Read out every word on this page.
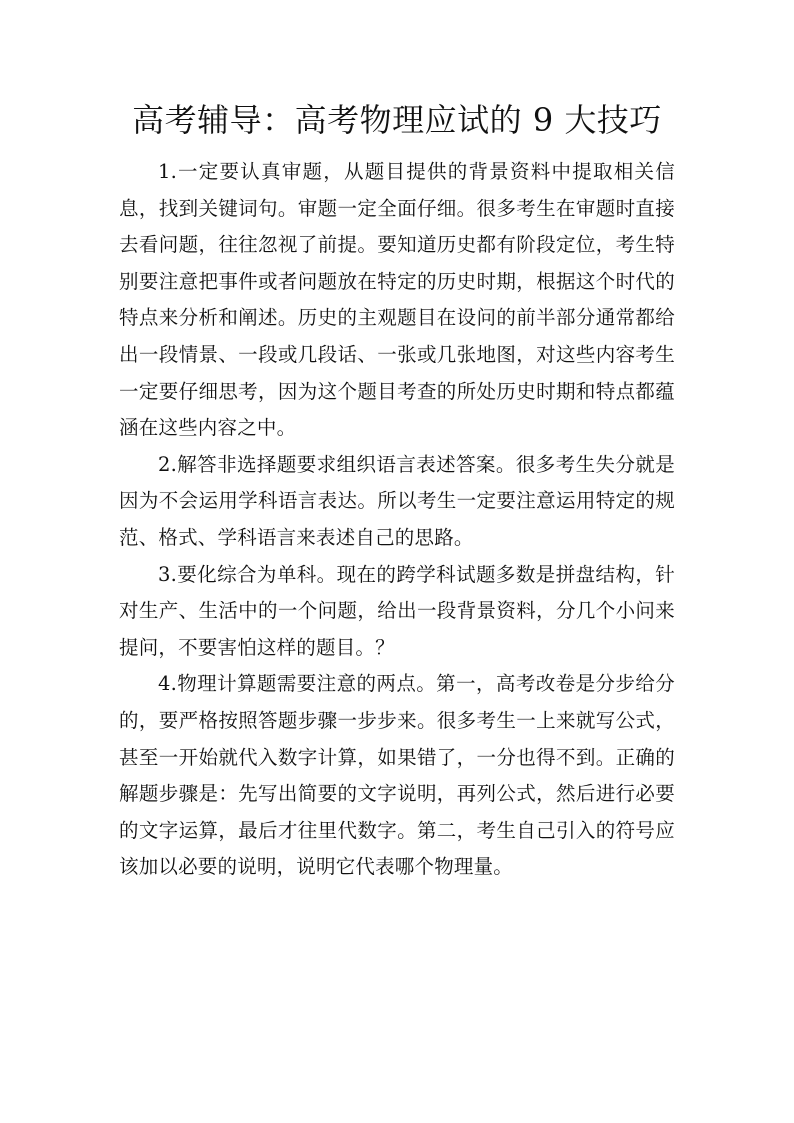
高考辅导：高考物理应试的 9 大技巧

1.一定要认真审题，从题目提供的背景资料中提取相关信息，找到关键词句。审题一定全面仔细。很多考生在审题时直接去看问题，往往忽视了前提。要知道历史都有阶段定位，考生特别要注意把事件或者问题放在特定的历史时期，根据这个时代的特点来分析和阐述。历史的主观题目在设问的前半部分通常都给出一段情景、一段或几段话、一张或几张地图，对这些内容考生一定要仔细思考，因为这个题目考查的所处历史时期和特点都蕴涵在这些内容之中。

2.解答非选择题要求组织语言表述答案。很多考生失分就是因为不会运用学科语言表达。所以考生一定要注意运用特定的规范、格式、学科语言来表述自己的思路。

3.要化综合为单科。现在的跨学科试题多数是拼盘结构，针对生产、生活中的一个问题，给出一段背景资料，分几个小问来提问，不要害怕这样的题目。？

4.物理计算题需要注意的两点。第一，高考改卷是分步给分的，要严格按照答题步骤一步步来。很多考生一上来就写公式，甚至一开始就代入数字计算，如果错了，一分也得不到。正确的解题步骤是：先写出简要的文字说明，再列公式，然后进行必要的文字运算，最后才往里代数字。第二，考生自己引入的符号应该加以必要的说明，说明它代表哪个物理量。
